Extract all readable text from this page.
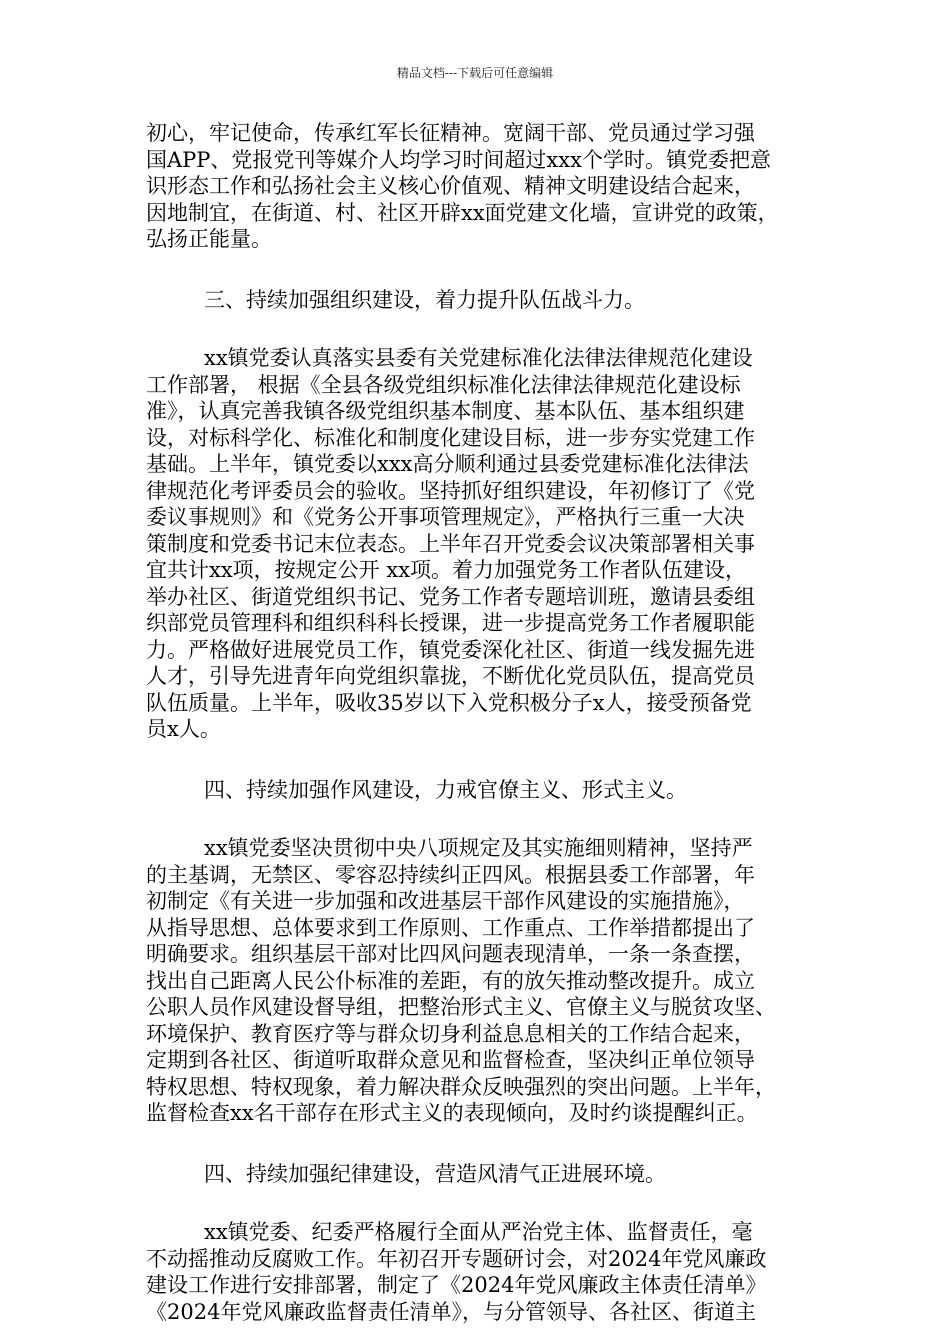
精品文档---下载后可任意编辑
初心，牢记使命，传承红军长征精神。宽阔干部、党员通过学习强
国APP、党报党刊等媒介人均学习时间超过xxx个学时。镇党委把意
识形态工作和弘扬社会主义核心价值观、精神文明建设结合起来，
因地制宜，在街道、村、社区开辟xx面党建文化墙，宣讲党的政策，
弘扬正能量。
三、持续加强组织建设，着力提升队伍战斗力。
xx镇党委认真落实县委有关党建标准化法律法律规范化建设
工作部署， 根据《全县各级党组织标准化法律法律规范化建设标
准》，认真完善我镇各级党组织基本制度、基本队伍、基本组织建
设，对标科学化、标准化和制度化建设目标，进一步夯实党建工作
基础。上半年，镇党委以xxx高分顺利通过县委党建标准化法律法
律规范化考评委员会的验收。坚持抓好组织建设，年初修订了《党
委议事规则》和《党务公开事项管理规定》，严格执行三重一大决
策制度和党委书记末位表态。上半年召开党委会议决策部署相关事
宜共计xx项，按规定公开 xx项。着力加强党务工作者队伍建设，
举办社区、街道党组织书记、党务工作者专题培训班，邀请县委组
织部党员管理科和组织科科长授课，进一步提高党务工作者履职能
力。严格做好进展党员工作，镇党委深化社区、街道一线发掘先进
人才，引导先进青年向党组织靠拢，不断优化党员队伍，提高党员
队伍质量。上半年，吸收35岁以下入党积极分子x人，接受预备党
员x人。
四、持续加强作风建设，力戒官僚主义、形式主义。
xx镇党委坚决贯彻中央八项规定及其实施细则精神，坚持严
的主基调，无禁区、零容忍持续纠正四风。根据县委工作部署，年
初制定《有关进一步加强和改进基层干部作风建设的实施措施》，
从指导思想、总体要求到工作原则、工作重点、工作举措都提出了
明确要求。组织基层干部对比四风问题表现清单，一条一条查摆，
找出自己距离人民公仆标准的差距，有的放矢推动整改提升。成立
公职人员作风建设督导组，把整治形式主义、官僚主义与脱贫攻坚、
环境保护、教育医疗等与群众切身利益息息相关的工作结合起来，
定期到各社区、街道听取群众意见和监督检查，坚决纠正单位领导
特权思想、特权现象，着力解决群众反映强烈的突出问题。上半年，
监督检查xx名干部存在形式主义的表现倾向，及时约谈提醒纠正。
四、持续加强纪律建设，营造风清气正进展环境。
xx镇党委、纪委严格履行全面从严治党主体、监督责任，毫
不动摇推动反腐败工作。年初召开专题研讨会，对2024年党风廉政
建设工作进行安排部署，制定了《2024年党风廉政主体责任清单》
《2024年党风廉政监督责任清单》，与分管领导、各社区、街道主
